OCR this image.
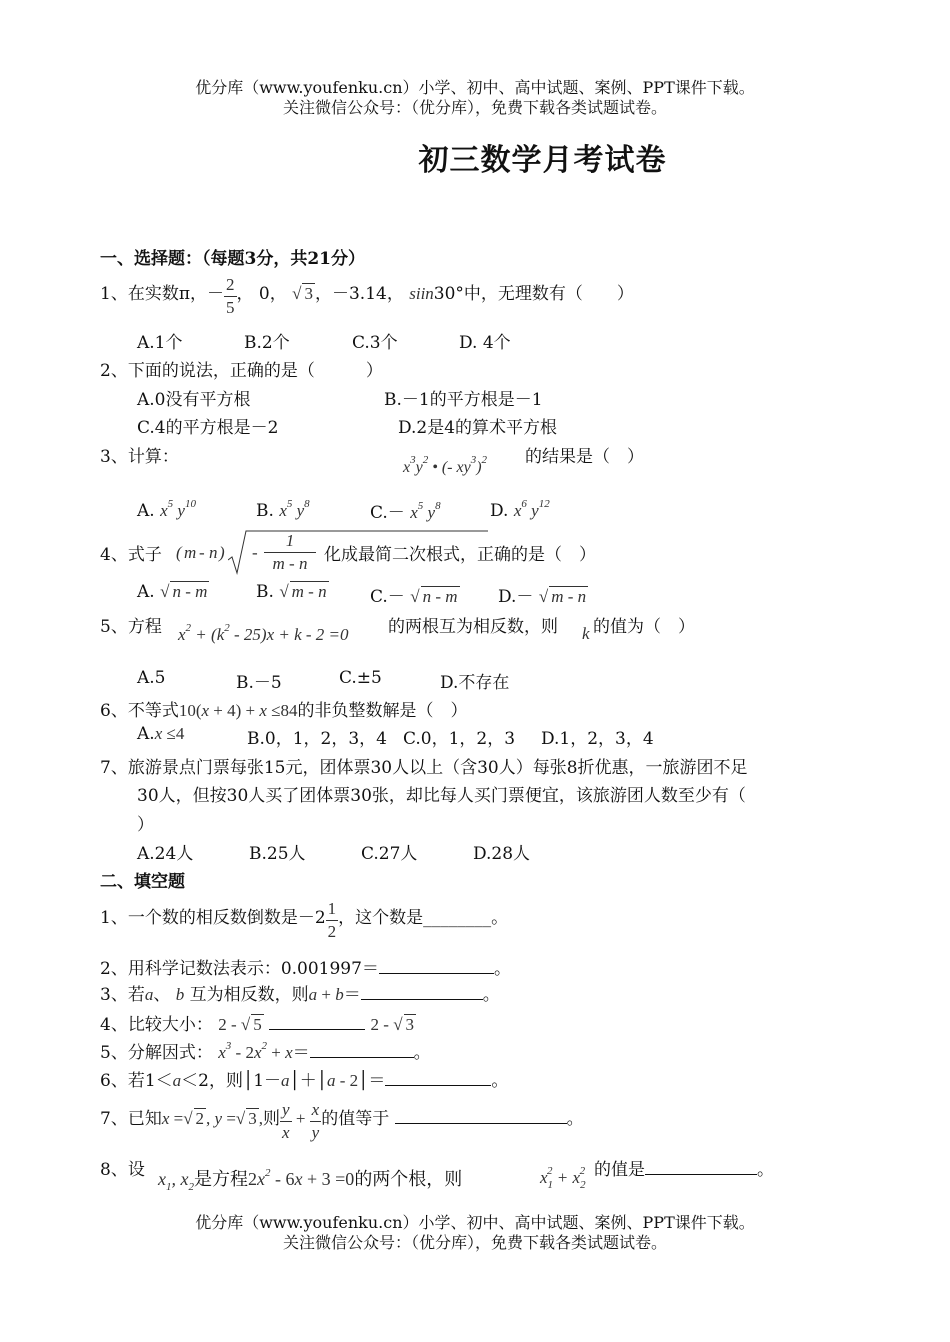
优分库（www.youfenku.cn）小学、初中、高中试题、案例、PPT课件下载。
关注微信公众号：（优分库），免费下载各类试题试卷。
初三数学月考试卷
一、选择题：（每题3分，共21分）
1、在实数π，－ $\frac{2}{5}$ ， 0， √ 3 ，－3.14， siin30°中，无理数有（　　）
A.1个	B.2个	C.3个	D. 4个
2、下面的说法，正确的是（　　　）
A.0没有平方根	B.－1的平方根是－1
C.4的平方根是－2	D.2是4的算术平方根
3、计算：
$x^3y^2$ • (- $xy^3)^2$ 的结果是（　）
A. $x^5$ $y^{10}$	B. $x^5$ $y^8$	$C.- x^5$ $y^8$	D. $x^6$ $y^{12}$
4、式子 ( m - n ) - $\frac{1}{m - n}$ 化成最简二次根式，正确的是（　）
A. √ n - m	B. √ m - n	C.－ √ n - m D.－ √ m - n
5、方程 $x^2 + (k^2 - 25)x + k - 2 =0$ 的两根互为相反数，则 k 的值为（　）
A.5	B.－5	C.±5	D.不存在
6、不等式10(x + 4) + x ≤84的非负整数解是（　）
A.x ≤4	B.0，1，2，3，4 C.0，1，2，3 D.1，2，3，4
7、旅游景点门票每张15元，团体票30人以上（含30人）每张8折优惠，一旅游团不足
30人，但按30人买了团体票30张，却比每人买门票便宜，该旅游团人数至少有（
）
A.24人	B.25人	C.27人	D.28人
二、填空题
1、一个数的相反数倒数是$-2 \frac{1}{2}$ ，这个数是________。
2、用科学记数法表示：0.001997＝	。
3、若a、 b 互为相反数，则a + b＝	。
4、比较大小： 2 - √ 5	2 - √ 3
5、分解因式： $x^3 - 2x^2 + x=$	。
6、若1＜a＜2，则│1－a│＋│a - 2│＝	。
7、已知x =√ 2 , y =√ 3 ,则 $\frac{y}{x} + \frac{x}{y}$ 的值等于	。
8、设 $x_1$, $x_2$是方程$2x^2 - 6x + 3 =0$的两个根，则	$x_1^2 + x_2^2$ 的值是	。
优分库（www.youfenku.cn）小学、初中、高中试题、案例、PPT课件下载。
关注微信公众号：（优分库），免费下载各类试题试卷。
